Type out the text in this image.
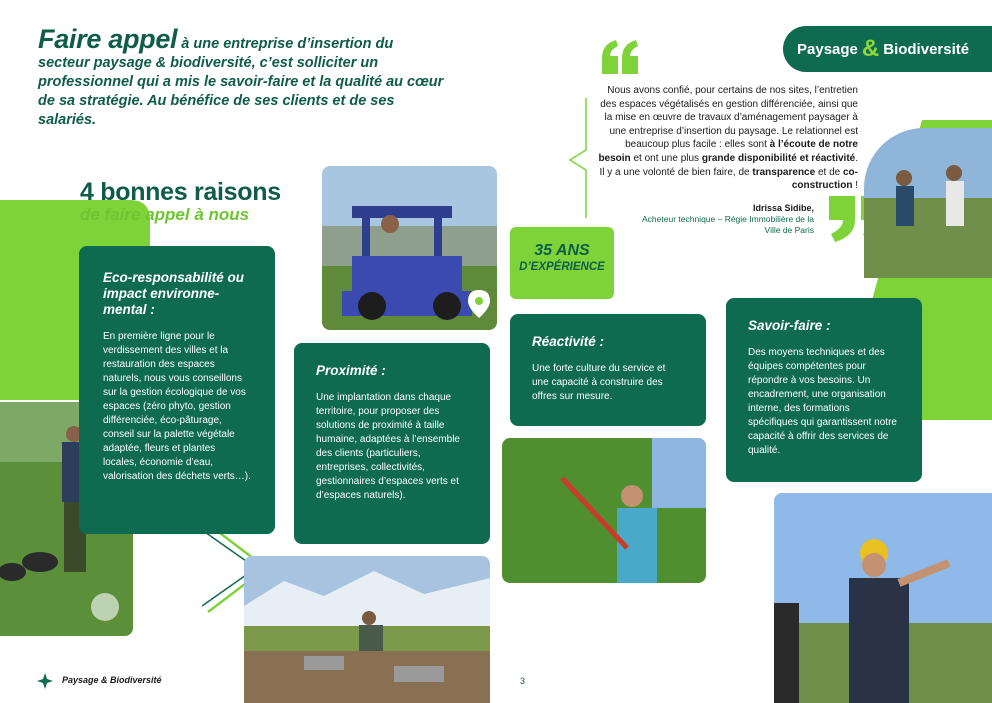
Faire appel à une entreprise d’insertion du secteur paysage & biodiversité, c’est solliciter un professionnel qui a mis le savoir-faire et la qualité au cœur de sa stratégie. Au bénéfice de ses clients et de ses salariés.
Paysage & Biodiversité
Nous avons confié, pour certains de nos sites, l’entretien des espaces végétalisés en gestion différenciée, ainsi que la mise en œuvre de travaux d’aménagement paysager à une entreprise d’insertion du paysage. Le relationnel est beaucoup plus facile : elles sont à l’écoute de notre besoin et ont une plus grande disponibilité et réactivité. Il y a une volonté de bien faire, de transparence et de co-construction !
Idrissa Sidibe,
Acheteur technique – Régie Immobilière de la Ville de Paris
4 bonnes raisons
de faire appel à nous
Eco-responsabilité ou impact environne-mental :
En première ligne pour le verdissement des villes et la restauration des espaces naturels, nous vous conseillons sur la gestion écologique de vos espaces (zéro phyto, gestion différenciée, éco-pâturage, conseil sur la palette végétale adaptée, fleurs et plantes locales, économie d’eau, valorisation des déchets verts…).
Proximité :
Une implantation dans chaque territoire, pour proposer des solutions de proximité à taille humaine, adaptées à l’ensemble des clients (particuliers, entreprises, collectivités, gestionnaires d’espaces verts et d’espaces naturels).
35 ANS
D’EXPÉRIENCE
Réactivité :
Une forte culture du service et une capacité à construire des offres sur mesure.
Savoir-faire :
Des moyens techniques et des équipes compétentes pour répondre à vos besoins. Un encadrement, une organisation interne, des formations spécifiques qui garantissent notre capacité à offrir des services de qualité.
Paysage & Biodiversité	3
